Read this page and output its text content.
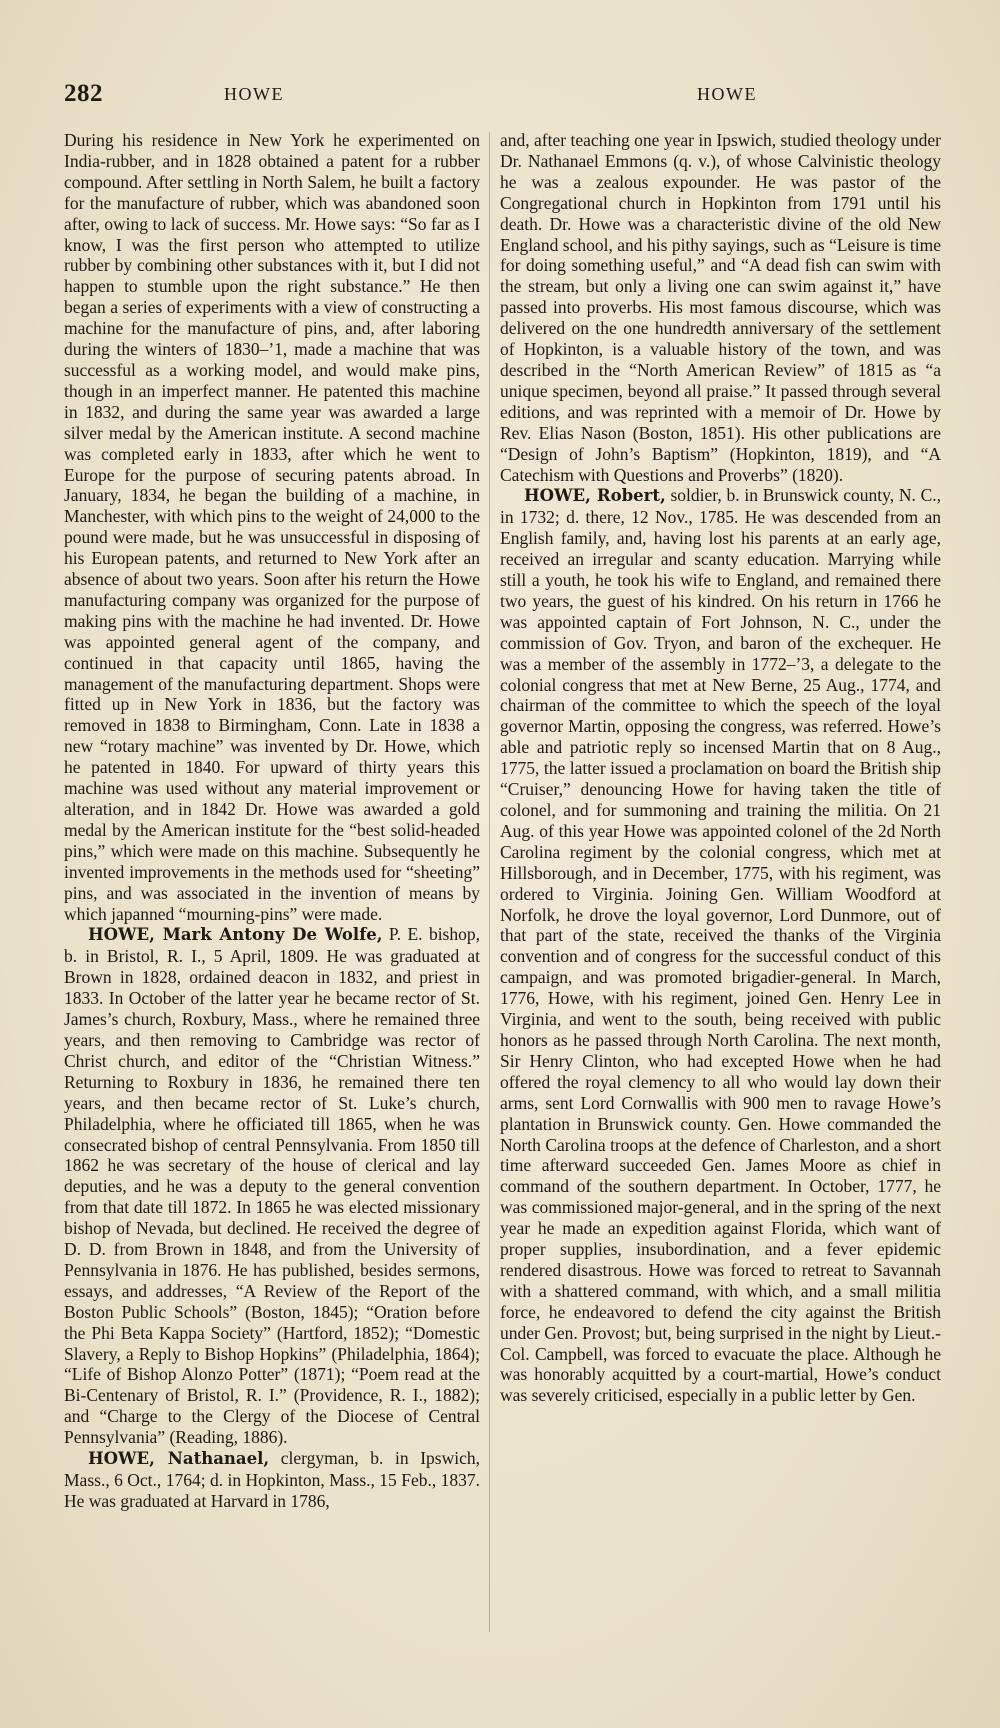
282	HOWE	HOWE

During his residence in New York he experimented on India-rubber, and in 1828 obtained a patent for a rubber compound. After settling in North Salem, he built a factory for the manufacture of rubber, which was abandoned soon after, owing to lack of success. Mr. Howe says: “So far as I know, I was the first person who attempted to utilize rubber by combining other substances with it, but I did not happen to stumble upon the right substance.” He then began a series of experiments with a view of constructing a machine for the manufacture of pins, and, after laboring during the winters of 1830–’1, made a machine that was successful as a working model, and would make pins, though in an imperfect manner. He patented this machine in 1832, and during the same year was awarded a large silver medal by the American institute. A second machine was completed early in 1833, after which he went to Europe for the purpose of securing patents abroad. In January, 1834, he began the building of a machine, in Manchester, with which pins to the weight of 24,000 to the pound were made, but he was unsuccessful in disposing of his European patents, and returned to New York after an absence of about two years. Soon after his return the Howe manufacturing company was organized for the purpose of making pins with the machine he had invented. Dr. Howe was appointed general agent of the company, and continued in that capacity until 1865, having the management of the manufacturing department. Shops were fitted up in New York in 1836, but the factory was removed in 1838 to Birmingham, Conn. Late in 1838 a new “rotary machine” was invented by Dr. Howe, which he patented in 1840. For upward of thirty years this machine was used without any material improvement or alteration, and in 1842 Dr. Howe was awarded a gold medal by the American institute for the “best solid-headed pins,” which were made on this machine. Subsequently he invented improvements in the methods used for “sheeting” pins, and was associated in the invention of means by which japanned “mourning-pins” were made.

HOWE, Mark Antony De Wolfe, P. E. bishop, b. in Bristol, R. I., 5 April, 1809. He was graduated at Brown in 1828, ordained deacon in 1832, and priest in 1833. In October of the latter year he became rector of St. James’s church, Roxbury, Mass., where he remained three years, and then removing to Cambridge was rector of Christ church, and editor of the “Christian Witness.” Returning to Roxbury in 1836, he remained there ten years, and then became rector of St. Luke’s church, Philadelphia, where he officiated till 1865, when he was consecrated bishop of central Pennsylvania. From 1850 till 1862 he was secretary of the house of clerical and lay deputies, and he was a deputy to the general convention from that date till 1872. In 1865 he was elected missionary bishop of Nevada, but declined. He received the degree of D. D. from Brown in 1848, and from the University of Pennsylvania in 1876. He has published, besides sermons, essays, and addresses, “A Review of the Report of the Boston Public Schools” (Boston, 1845); “Oration before the Phi Beta Kappa Society” (Hartford, 1852); “Domestic Slavery, a Reply to Bishop Hopkins” (Philadelphia, 1864); “Life of Bishop Alonzo Potter” (1871); “Poem read at the Bi-Centenary of Bristol, R. I.” (Providence, R. I., 1882); and “Charge to the Clergy of the Diocese of Central Pennsylvania” (Reading, 1886).

HOWE, Nathanael, clergyman, b. in Ipswich, Mass., 6 Oct., 1764; d. in Hopkinton, Mass., 15 Feb., 1837. He was graduated at Harvard in 1786,

and, after teaching one year in Ipswich, studied theology under Dr. Nathanael Emmons (q. v.), of whose Calvinistic theology he was a zealous expounder. He was pastor of the Congregational church in Hopkinton from 1791 until his death. Dr. Howe was a characteristic divine of the old New England school, and his pithy sayings, such as “Leisure is time for doing something useful,” and “A dead fish can swim with the stream, but only a living one can swim against it,” have passed into proverbs. His most famous discourse, which was delivered on the one hundredth anniversary of the settlement of Hopkinton, is a valuable history of the town, and was described in the “North American Review” of 1815 as “a unique specimen, beyond all praise.” It passed through several editions, and was reprinted with a memoir of Dr. Howe by Rev. Elias Nason (Boston, 1851). His other publications are “Design of John’s Baptism” (Hopkinton, 1819), and “A Catechism with Questions and Proverbs” (1820).

HOWE, Robert, soldier, b. in Brunswick county, N. C., in 1732; d. there, 12 Nov., 1785. He was descended from an English family, and, having lost his parents at an early age, received an irregular and scanty education. Marrying while still a youth, he took his wife to England, and remained there two years, the guest of his kindred. On his return in 1766 he was appointed captain of Fort Johnson, N. C., under the commission of Gov. Tryon, and baron of the exchequer. He was a member of the assembly in 1772–’3, a delegate to the colonial congress that met at New Berne, 25 Aug., 1774, and chairman of the committee to which the speech of the loyal governor Martin, opposing the congress, was referred. Howe’s able and patriotic reply so incensed Martin that on 8 Aug., 1775, the latter issued a proclamation on board the British ship “Cruiser,” denouncing Howe for having taken the title of colonel, and for summoning and training the militia. On 21 Aug. of this year Howe was appointed colonel of the 2d North Carolina regiment by the colonial congress, which met at Hillsborough, and in December, 1775, with his regiment, was ordered to Virginia. Joining Gen. William Woodford at Norfolk, he drove the loyal governor, Lord Dunmore, out of that part of the state, received the thanks of the Virginia convention and of congress for the successful conduct of this campaign, and was promoted brigadier-general. In March, 1776, Howe, with his regiment, joined Gen. Henry Lee in Virginia, and went to the south, being received with public honors as he passed through North Carolina. The next month, Sir Henry Clinton, who had excepted Howe when he had offered the royal clemency to all who would lay down their arms, sent Lord Cornwallis with 900 men to ravage Howe’s plantation in Brunswick county. Gen. Howe commanded the North Carolina troops at the defence of Charleston, and a short time afterward succeeded Gen. James Moore as chief in command of the southern department. In October, 1777, he was commissioned major-general, and in the spring of the next year he made an expedition against Florida, which want of proper supplies, insubordination, and a fever epidemic rendered disastrous. Howe was forced to retreat to Savannah with a shattered command, with which, and a small militia force, he endeavored to defend the city against the British under Gen. Provost; but, being surprised in the night by Lieut.-Col. Campbell, was forced to evacuate the place. Although he was honorably acquitted by a court-martial, Howe’s conduct was severely criticised, especially in a public letter by Gen.
